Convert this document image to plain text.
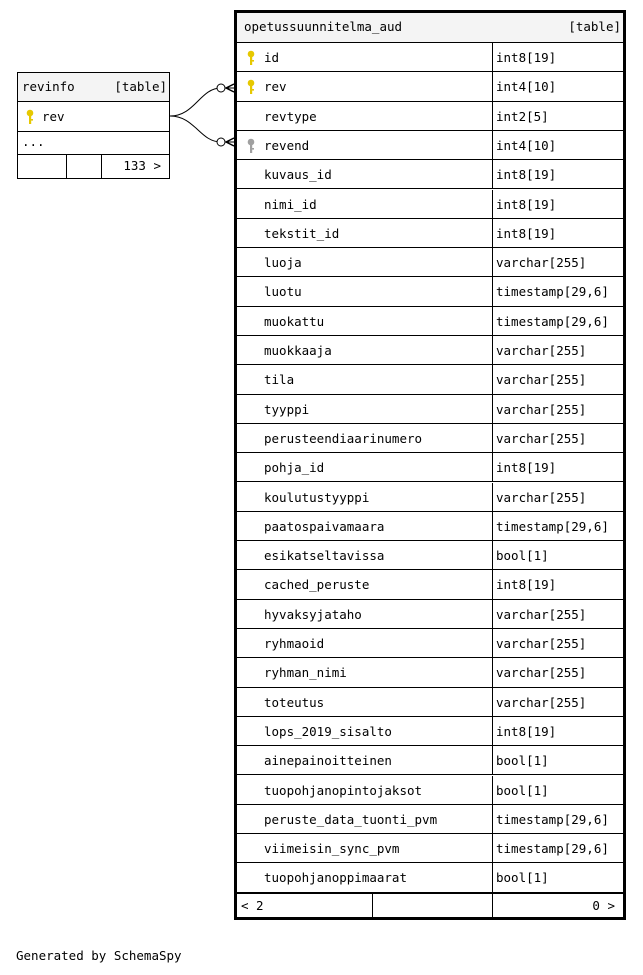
revinfo	[table]
rev
...
133 >
opetussuunnitelma_aud	[table]
id	int8[19]
rev	int4[10]
revtype	int2[5]
revend	int4[10]
kuvaus_id	int8[19]
nimi_id	int8[19]
tekstit_id	int8[19]
luoja	varchar[255]
luotu	timestamp[29,6]
muokattu	timestamp[29,6]
muokkaaja	varchar[255]
tila	varchar[255]
tyyppi	varchar[255]
perusteendiaarinumero	varchar[255]
pohja_id	int8[19]
koulutustyyppi	varchar[255]
paatospaivamaara	timestamp[29,6]
esikatseltavissa	bool[1]
cached_peruste	int8[19]
hyvaksyjataho	varchar[255]
ryhmaoid	varchar[255]
ryhman_nimi	varchar[255]
toteutus	varchar[255]
lops_2019_sisalto	int8[19]
ainepainoitteinen	bool[1]
tuopohjanopintojaksot	bool[1]
peruste_data_tuonti_pvm	timestamp[29,6]
viimeisin_sync_pvm	timestamp[29,6]
tuopohjanoppimaarat	bool[1]
< 2	0 >
Generated by SchemaSpy
